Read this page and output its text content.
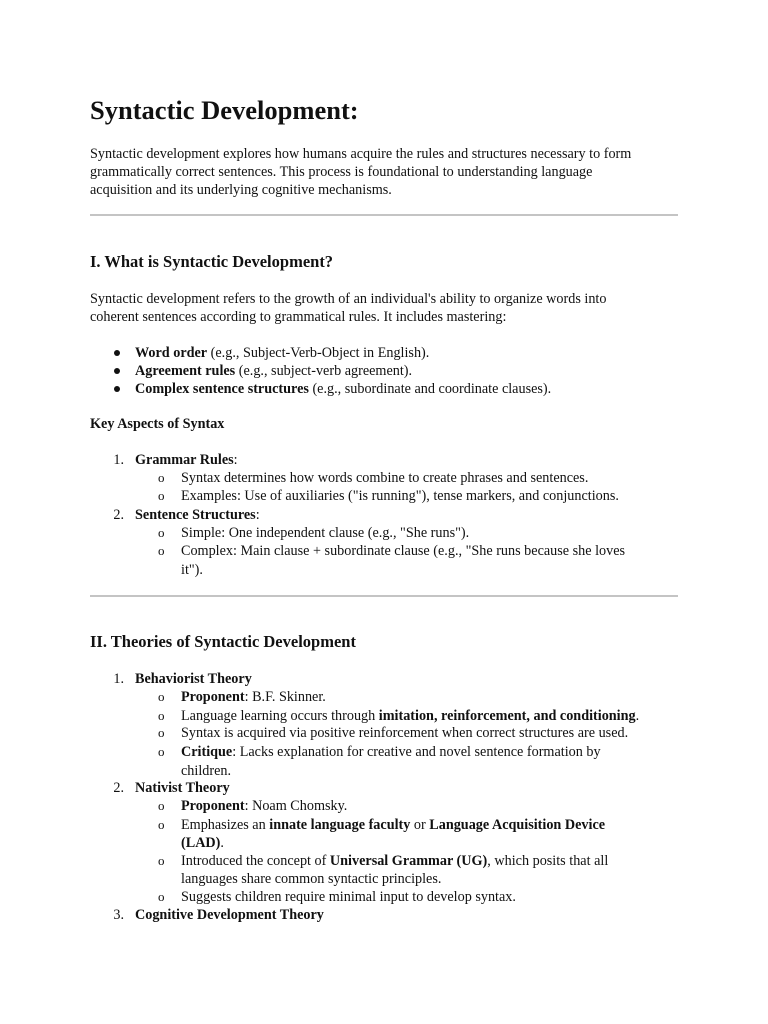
Syntactic Development:
Syntactic development explores how humans acquire the rules and structures necessary to form
grammatically correct sentences. This process is foundational to understanding language
acquisition and its underlying cognitive mechanisms.
I. What is Syntactic Development?
Syntactic development refers to the growth of an individual's ability to organize words into
coherent sentences according to grammatical rules. It includes mastering:
Word order (e.g., Subject-Verb-Object in English).
Agreement rules (e.g., subject-verb agreement).
Complex sentence structures (e.g., subordinate and coordinate clauses).
Key Aspects of Syntax
1. Grammar Rules:
o Syntax determines how words combine to create phrases and sentences.
o Examples: Use of auxiliaries ("is running"), tense markers, and conjunctions.
2. Sentence Structures:
o Simple: One independent clause (e.g., "She runs").
o Complex: Main clause + subordinate clause (e.g., "She runs because she loves
it").
II. Theories of Syntactic Development
1. Behaviorist Theory
o Proponent: B.F. Skinner.
o Language learning occurs through imitation, reinforcement, and conditioning.
o Syntax is acquired via positive reinforcement when correct structures are used.
o Critique: Lacks explanation for creative and novel sentence formation by
children.
2. Nativist Theory
o Proponent: Noam Chomsky.
o Emphasizes an innate language faculty or Language Acquisition Device
(LAD).
o Introduced the concept of Universal Grammar (UG), which posits that all
languages share common syntactic principles.
o Suggests children require minimal input to develop syntax.
3. Cognitive Development Theory
